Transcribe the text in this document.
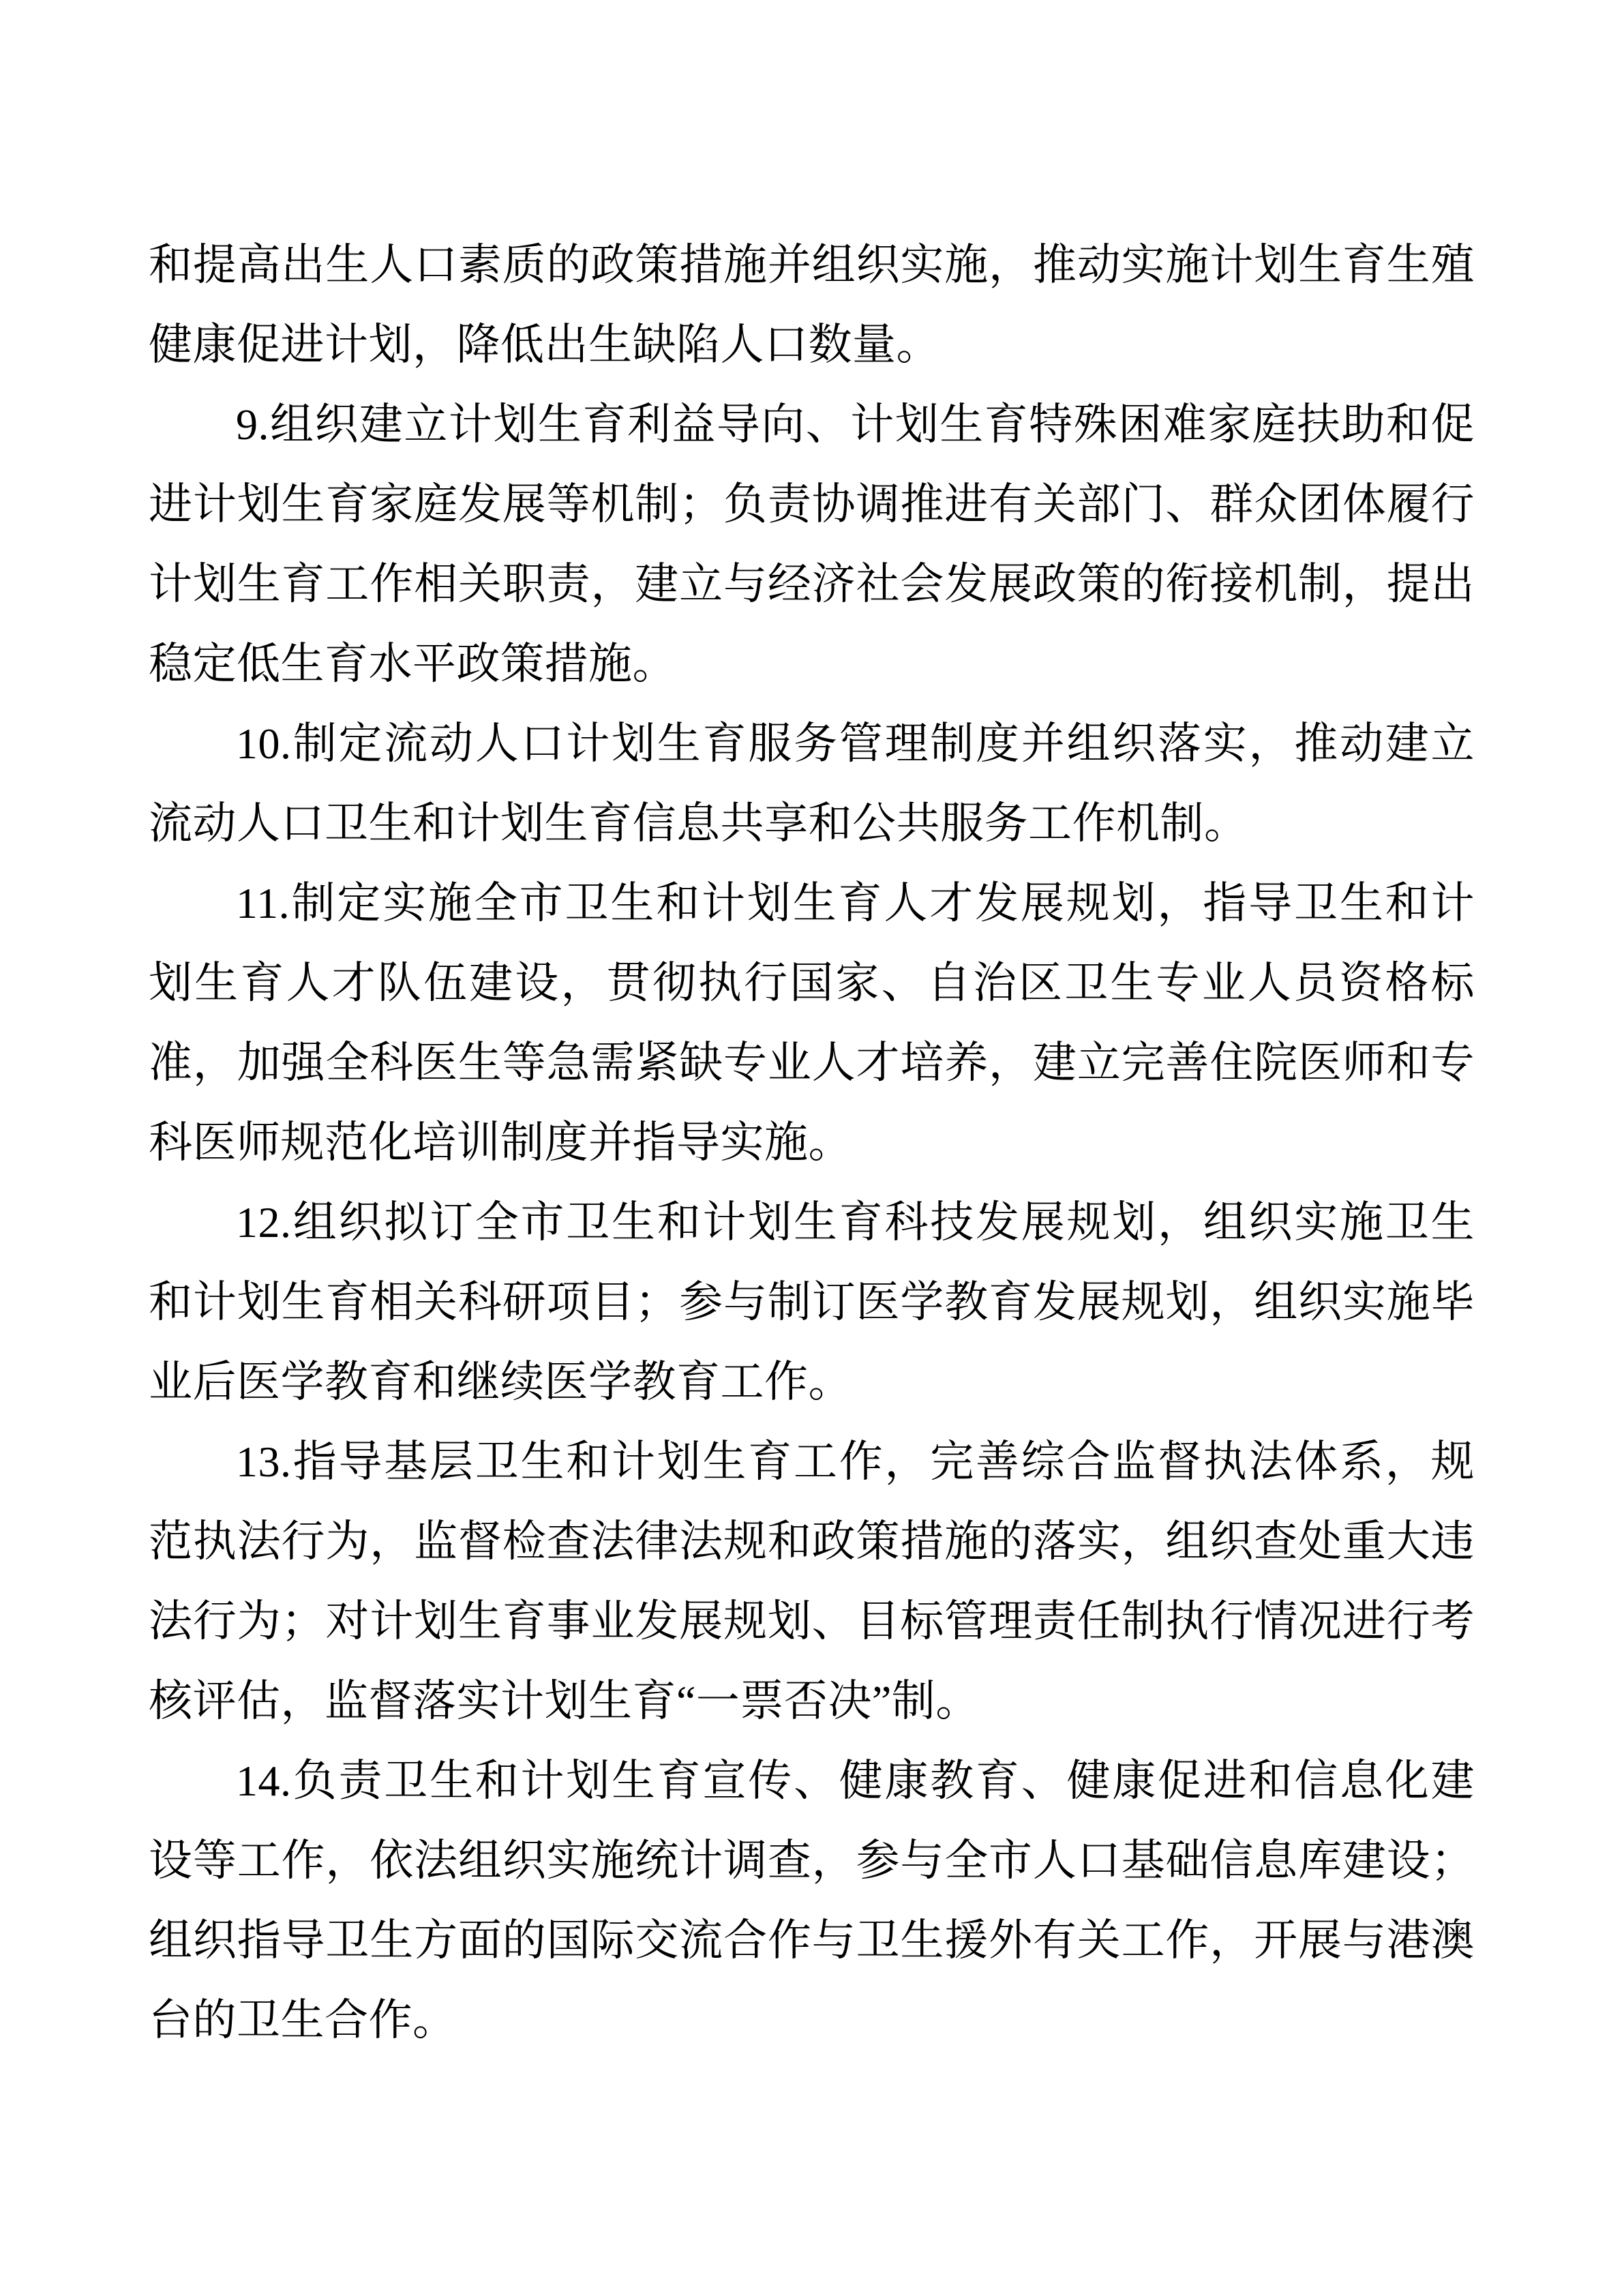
和提高出生人口素质的政策措施并组织实施，推动实施计划生育生殖健康促进计划，降低出生缺陷人口数量。

9.组织建立计划生育利益导向、计划生育特殊困难家庭扶助和促进计划生育家庭发展等机制；负责协调推进有关部门、群众团体履行计划生育工作相关职责，建立与经济社会发展政策的衔接机制，提出稳定低生育水平政策措施。

10.制定流动人口计划生育服务管理制度并组织落实，推动建立流动人口卫生和计划生育信息共享和公共服务工作机制。

11.制定实施全市卫生和计划生育人才发展规划，指导卫生和计划生育人才队伍建设，贯彻执行国家、自治区卫生专业人员资格标准，加强全科医生等急需紧缺专业人才培养，建立完善住院医师和专科医师规范化培训制度并指导实施。

12.组织拟订全市卫生和计划生育科技发展规划，组织实施卫生和计划生育相关科研项目；参与制订医学教育发展规划，组织实施毕业后医学教育和继续医学教育工作。

13.指导基层卫生和计划生育工作，完善综合监督执法体系，规范执法行为，监督检查法律法规和政策措施的落实，组织查处重大违法行为；对计划生育事业发展规划、目标管理责任制执行情况进行考核评估，监督落实计划生育“一票否决”制。

14.负责卫生和计划生育宣传、健康教育、健康促进和信息化建设等工作，依法组织实施统计调查，参与全市人口基础信息库建设；组织指导卫生方面的国际交流合作与卫生援外有关工作，开展与港澳台的卫生合作。
